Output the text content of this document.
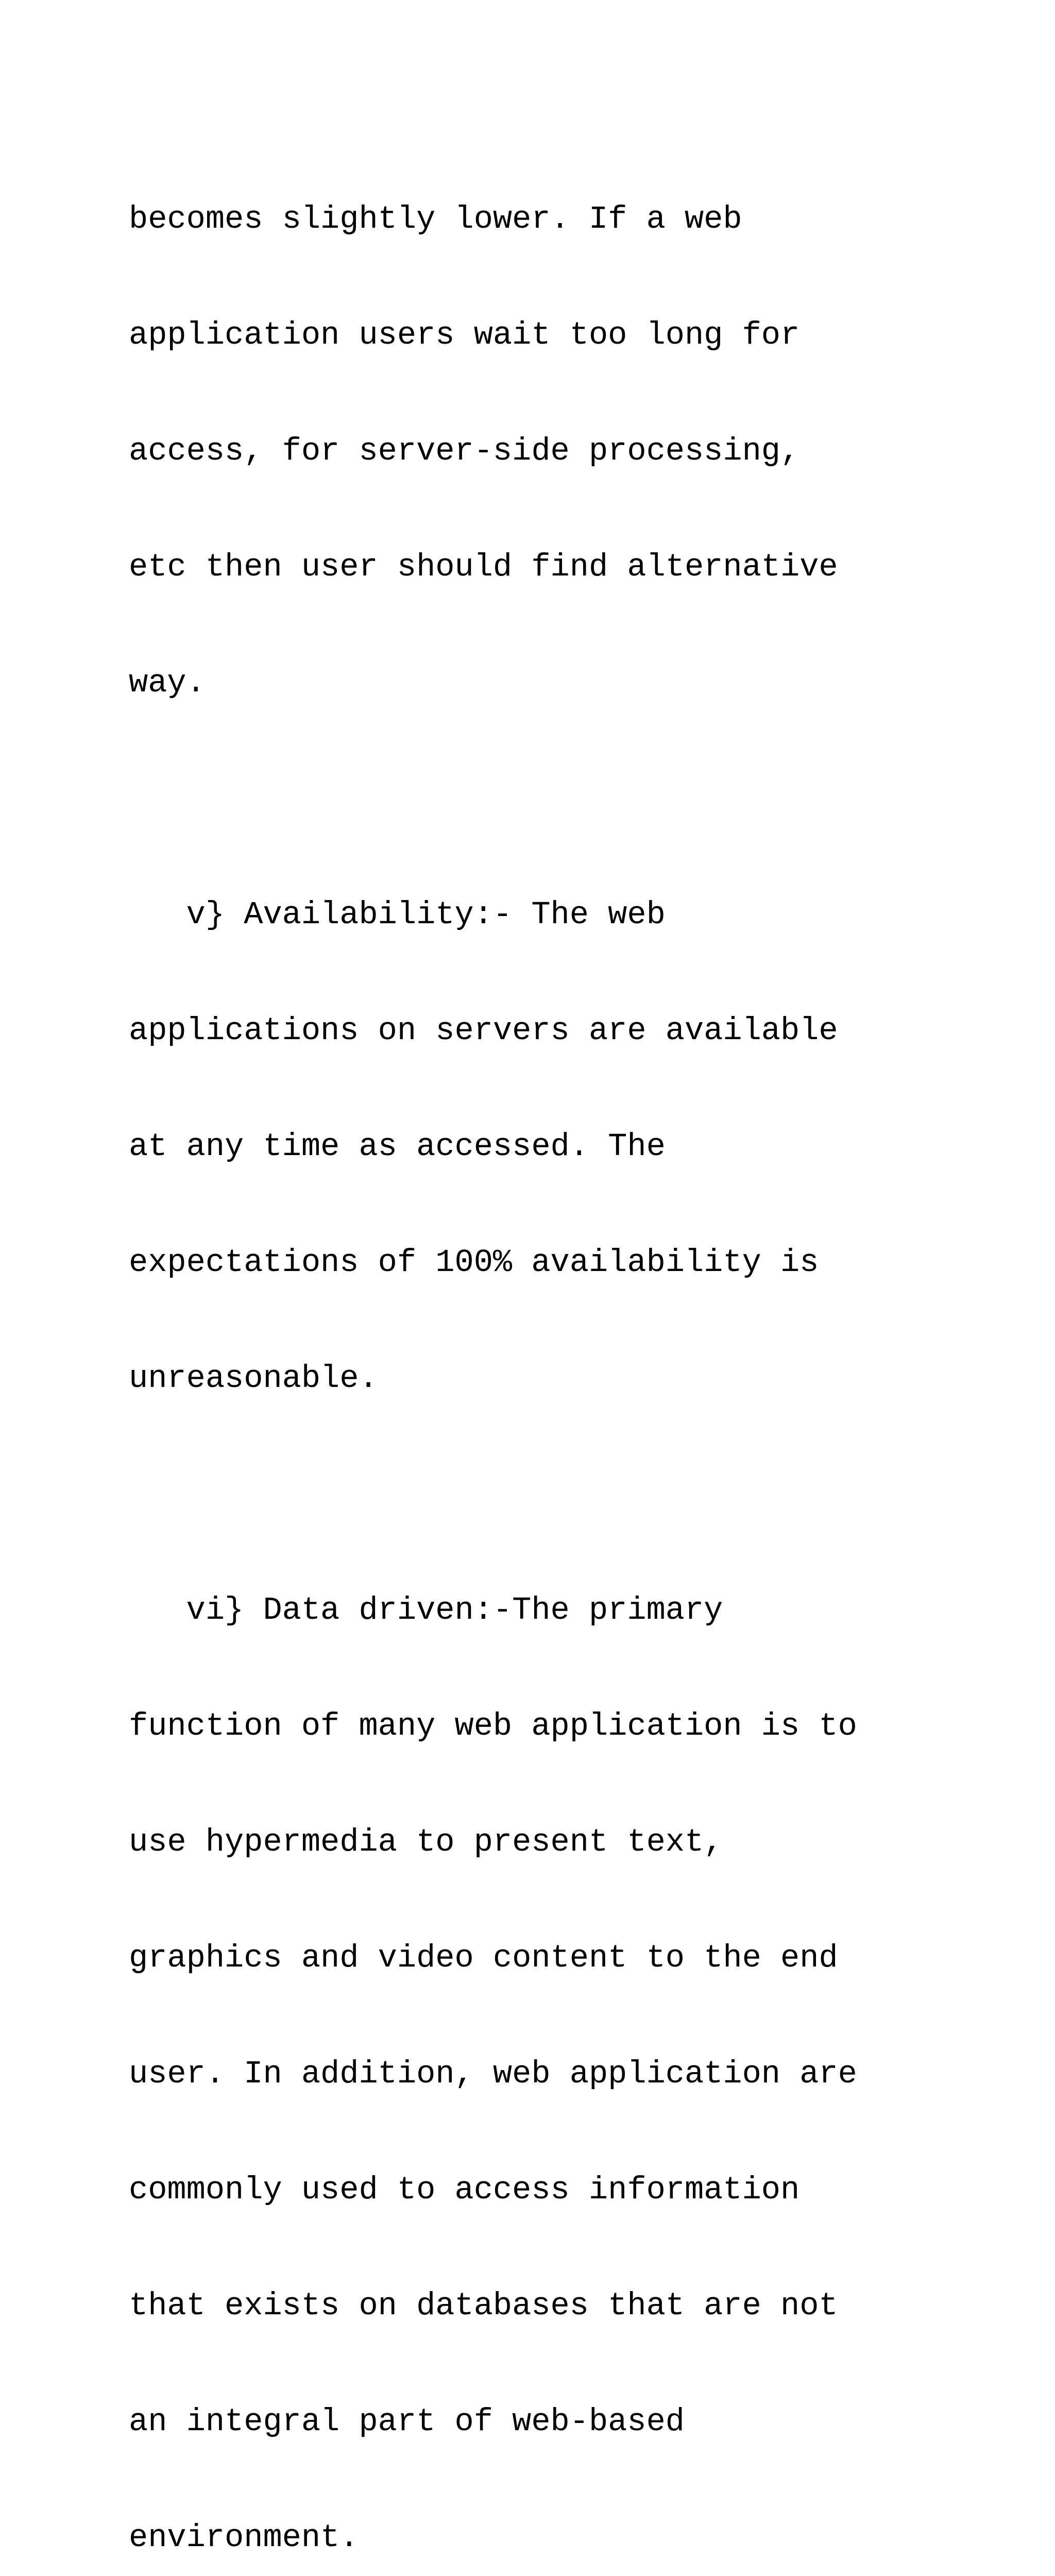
becomes slightly lower. If a web

application users wait too long for

access, for server-side processing,

etc then user should find alternative

way.

v} Availability:- The web

applications on servers are available

at any time as accessed. The

expectations of 100% availability is

unreasonable.

vi} Data driven:-The primary

function of many web application is to

use hypermedia to present text,

graphics and video content to the end

user. In addition, web application are

commonly used to access information

that exists on databases that are not

an integral part of web-based

environment.
